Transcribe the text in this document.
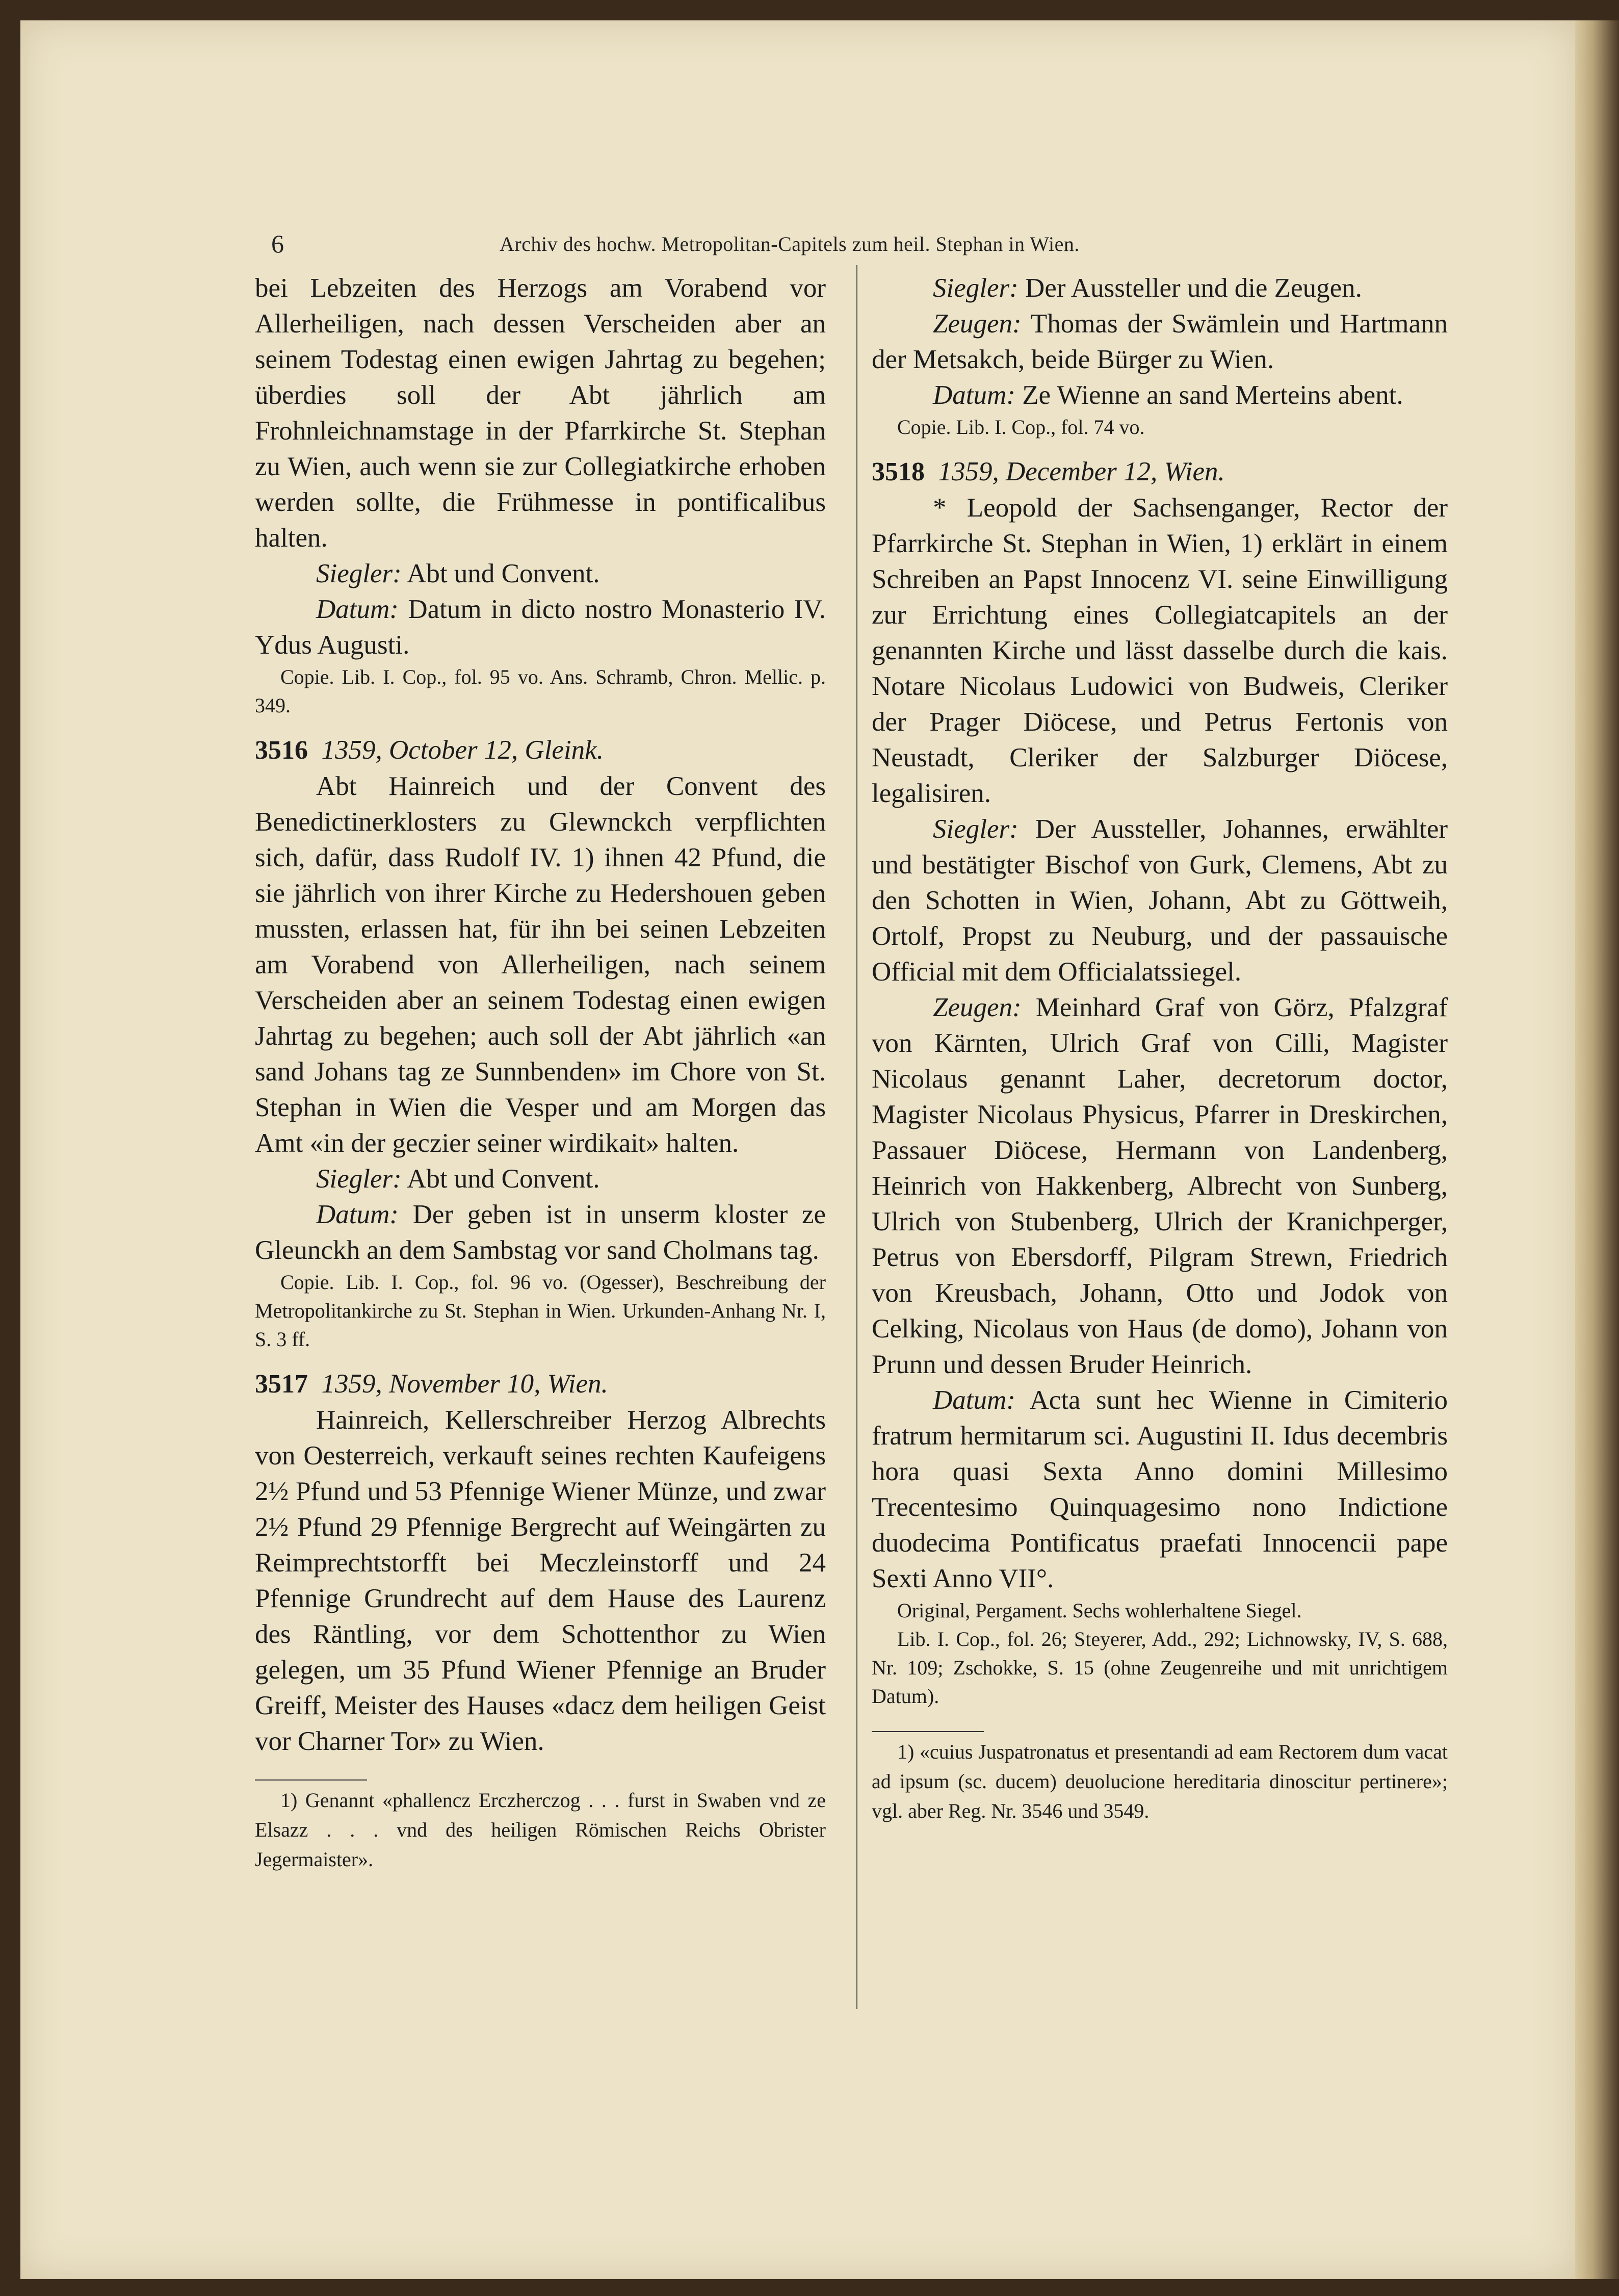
6	Archiv des hochw. Metropolitan-Capitels zum heil. Stephan in Wien.

bei Lebzeiten des Herzogs am Vorabend vor Allerheiligen, nach dessen Verscheiden aber an seinem Todestag einen ewigen Jahrtag zu begehen; überdies soll der Abt jährlich am Frohnleichnamstage in der Pfarrkirche St. Stephan zu Wien, auch wenn sie zur Collegiatkirche erhoben werden sollte, die Frühmesse in pontificalibus halten.

Siegler: Abt und Convent.

Datum: Datum in dicto nostro Monasterio IV. Ydus Augusti.

Copie. Lib. I. Cop., fol. 95 vo. Ans. Schramb, Chron. Mellic. p. 349.

3516 1359, October 12, Gleink.

Abt Hainreich und der Convent des Benedictinerklosters zu Glewnckch verpflichten sich, dafür, dass Rudolf IV. 1) ihnen 42 Pfund, die sie jährlich von ihrer Kirche zu Hedershouen geben mussten, erlassen hat, für ihn bei seinen Lebzeiten am Vorabend von Allerheiligen, nach seinem Verscheiden aber an seinem Todestag einen ewigen Jahrtag zu begehen; auch soll der Abt jährlich «an sand Johans tag ze Sunnbenden» im Chore von St. Stephan in Wien die Vesper und am Morgen das Amt «in der geczier seiner wirdikait» halten.

Siegler: Abt und Convent.

Datum: Der geben ist in unserm kloster ze Gleunckh an dem Sambstag vor sand Cholmans tag.

Copie. Lib. I. Cop., fol. 96 vo. (Ogesser), Beschreibung der Metropolitankirche zu St. Stephan in Wien. Urkunden-Anhang Nr. I, S. 3 ff.

3517 1359, November 10, Wien.

Hainreich, Kellerschreiber Herzog Albrechts von Oesterreich, verkauft seines rechten Kaufeigens 2½ Pfund und 53 Pfennige Wiener Münze, und zwar 2½ Pfund 29 Pfennige Bergrecht auf Weingärten zu Reimprechtstorfft bei Meczleinstorff und 24 Pfennige Grundrecht auf dem Hause des Laurenz des Räntling, vor dem Schottenthor zu Wien gelegen, um 35 Pfund Wiener Pfennige an Bruder Greiff, Meister des Hauses «dacz dem heiligen Geist vor Charner Tor» zu Wien.

1) Genannt «phallencz Erczherczog . . . furst in Swaben vnd ze Elsazz . . . vnd des heiligen Römischen Reichs Obrister Jegermaister».

Siegler: Der Aussteller und die Zeugen.

Zeugen: Thomas der Swämlein und Hartmann der Metsakch, beide Bürger zu Wien.

Datum: Ze Wienne an sand Merteins abent.

Copie. Lib. I. Cop., fol. 74 vo.

3518 1359, December 12, Wien.

* Leopold der Sachsenganger, Rector der Pfarrkirche St. Stephan in Wien, 1) erklärt in einem Schreiben an Papst Innocenz VI. seine Einwilligung zur Errichtung eines Collegiatcapitels an der genannten Kirche und lässt dasselbe durch die kais. Notare Nicolaus Ludowici von Budweis, Cleriker der Prager Diöcese, und Petrus Fertonis von Neustadt, Cleriker der Salzburger Diöcese, legalisiren.

Siegler: Der Aussteller, Johannes, erwählter und bestätigter Bischof von Gurk, Clemens, Abt zu den Schotten in Wien, Johann, Abt zu Göttweih, Ortolf, Propst zu Neuburg, und der passauische Official mit dem Officialatssiegel.

Zeugen: Meinhard Graf von Görz, Pfalzgraf von Kärnten, Ulrich Graf von Cilli, Magister Nicolaus genannt Laher, decretorum doctor, Magister Nicolaus Physicus, Pfarrer in Dreskirchen, Passauer Diöcese, Hermann von Landenberg, Heinrich von Hakkenberg, Albrecht von Sunberg, Ulrich von Stubenberg, Ulrich der Kranichperger, Petrus von Ebersdorff, Pilgram Strewn, Friedrich von Kreusbach, Johann, Otto und Jodok von Celking, Nicolaus von Haus (de domo), Johann von Prunn und dessen Bruder Heinrich.

Datum: Acta sunt hec Wienne in Cimiterio fratrum hermitarum sci. Augustini II. Idus decembris hora quasi Sexta Anno domini Millesimo Trecentesimo Quinquagesimo nono Indictione duodecima Pontificatus praefati Innocencii pape Sexti Anno VII°.

Original, Pergament. Sechs wohlerhaltene Siegel.

Lib. I. Cop., fol. 26; Steyerer, Add., 292; Lichnowsky, IV, S. 688, Nr. 109; Zschokke, S. 15 (ohne Zeugenreihe und mit unrichtigem Datum).

1) «cuius Juspatronatus et presentandi ad eam Rectorem dum vacat ad ipsum (sc. ducem) deuolucione hereditaria dinoscitur pertinere»; vgl. aber Reg. Nr. 3546 und 3549.
